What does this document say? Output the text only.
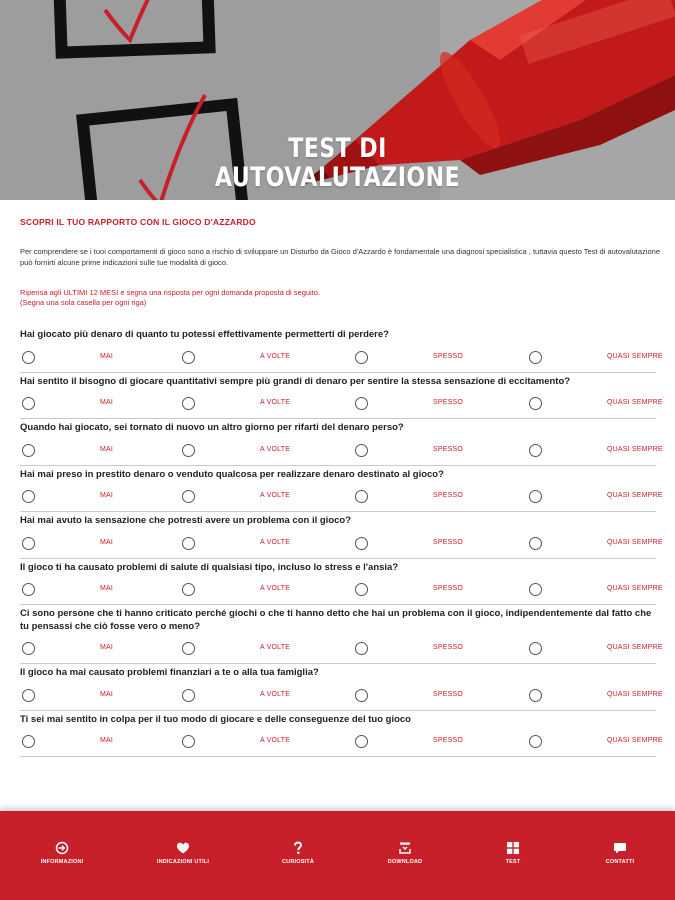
TEST DI
AUTOVALUTAZIONE
SCOPRI IL TUO RAPPORTO CON IL GIOCO D'AZZARDO
Per comprendere se i tuoi comportamenti di gioco sono a rischio di sviluppare un Disturbo da Gioco d'Azzardo è fondamentale una diagnosi specialistica , tuttavia questo Test di autovalutazione può fornirti alcune prime indicazioni sulle tue modalità di gioco.
Ripensa agli ULTIMI 12 MESI e segna una risposta per ogni domanda proposta di seguito.
(Segna una sola casella per ogni riga)
Hai giocato più denaro di quanto tu potessi effettivamente permetterti di perdere?
MAI	A VOLTE	SPESSO	QUASI SEMPRE
Hai sentito il bisogno di giocare quantitativi sempre più grandi di denaro per sentire la stessa sensazione di eccitamento?
MAI	A VOLTE	SPESSO	QUASI SEMPRE
Quando hai giocato, sei tornato di nuovo un altro giorno per rifarti del denaro perso?
MAI	A VOLTE	SPESSO	QUASI SEMPRE
Hai mai preso in prestito denaro o venduto qualcosa per realizzare denaro destinato al gioco?
MAI	A VOLTE	SPESSO	QUASI SEMPRE
Hai mai avuto la sensazione che potresti avere un problema con il gioco?
MAI	A VOLTE	SPESSO	QUASI SEMPRE
Il gioco ti ha causato problemi di salute di qualsiasi tipo, incluso lo stress e l'ansia?
MAI	A VOLTE	SPESSO	QUASI SEMPRE
Ci sono persone che ti hanno criticato perché giochi o che ti hanno detto che hai un problema con il gioco, indipendentemente dal fatto che tu pensassi che ciò fosse vero o meno?
MAI	A VOLTE	SPESSO	QUASI SEMPRE
Il gioco ha mai causato problemi finanziari a te o alla tua famiglia?
MAI	A VOLTE	SPESSO	QUASI SEMPRE
Ti sei mai sentito in colpa per il tuo modo di giocare e delle conseguenze del tuo gioco
MAI	A VOLTE	SPESSO	QUASI SEMPRE
INFORMAZIONI	INDICAZIONI UTILI	CURIOSITÀ	DOWNLOAD	TEST	CONTATTI
